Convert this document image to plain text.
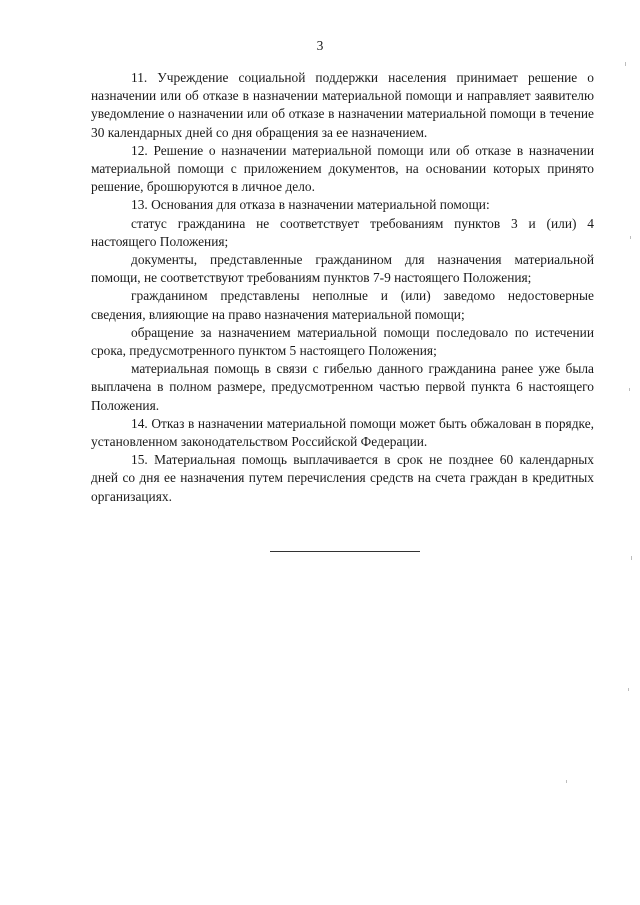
3

11. Учреждение социальной поддержки населения принимает решение о назначении или об отказе в назначении материальной помощи и направляет заявителю уведомление о назначении или об отказе в назначении материальной помощи в течение 30 календарных дней со дня обращения за ее назначением.

12. Решение о назначении материальной помощи или об отказе в назначении материальной помощи с приложением документов, на основании которых принято решение, брошюруются в личное дело.

13. Основания для отказа в назначении материальной помощи:

статус гражданина не соответствует требованиям пунктов 3 и (или) 4 настоящего Положения;

документы, представленные гражданином для назначения материальной помощи, не соответствуют требованиям пунктов 7-9 настоящего Положения;

гражданином представлены неполные и (или) заведомо недостоверные сведения, влияющие на право назначения материальной помощи;

обращение за назначением материальной помощи последовало по истечении срока, предусмотренного пунктом 5 настоящего Положения;

материальная помощь в связи с гибелью данного гражданина ранее уже была выплачена в полном размере, предусмотренном частью первой пункта 6 настоящего Положения.

14. Отказ в назначении материальной помощи может быть обжалован в порядке, установленном законодательством Российской Федерации.

15. Материальная помощь выплачивается в срок не позднее 60 календарных дней со дня ее назначения путем перечисления средств на счета граждан в кредитных организациях.
